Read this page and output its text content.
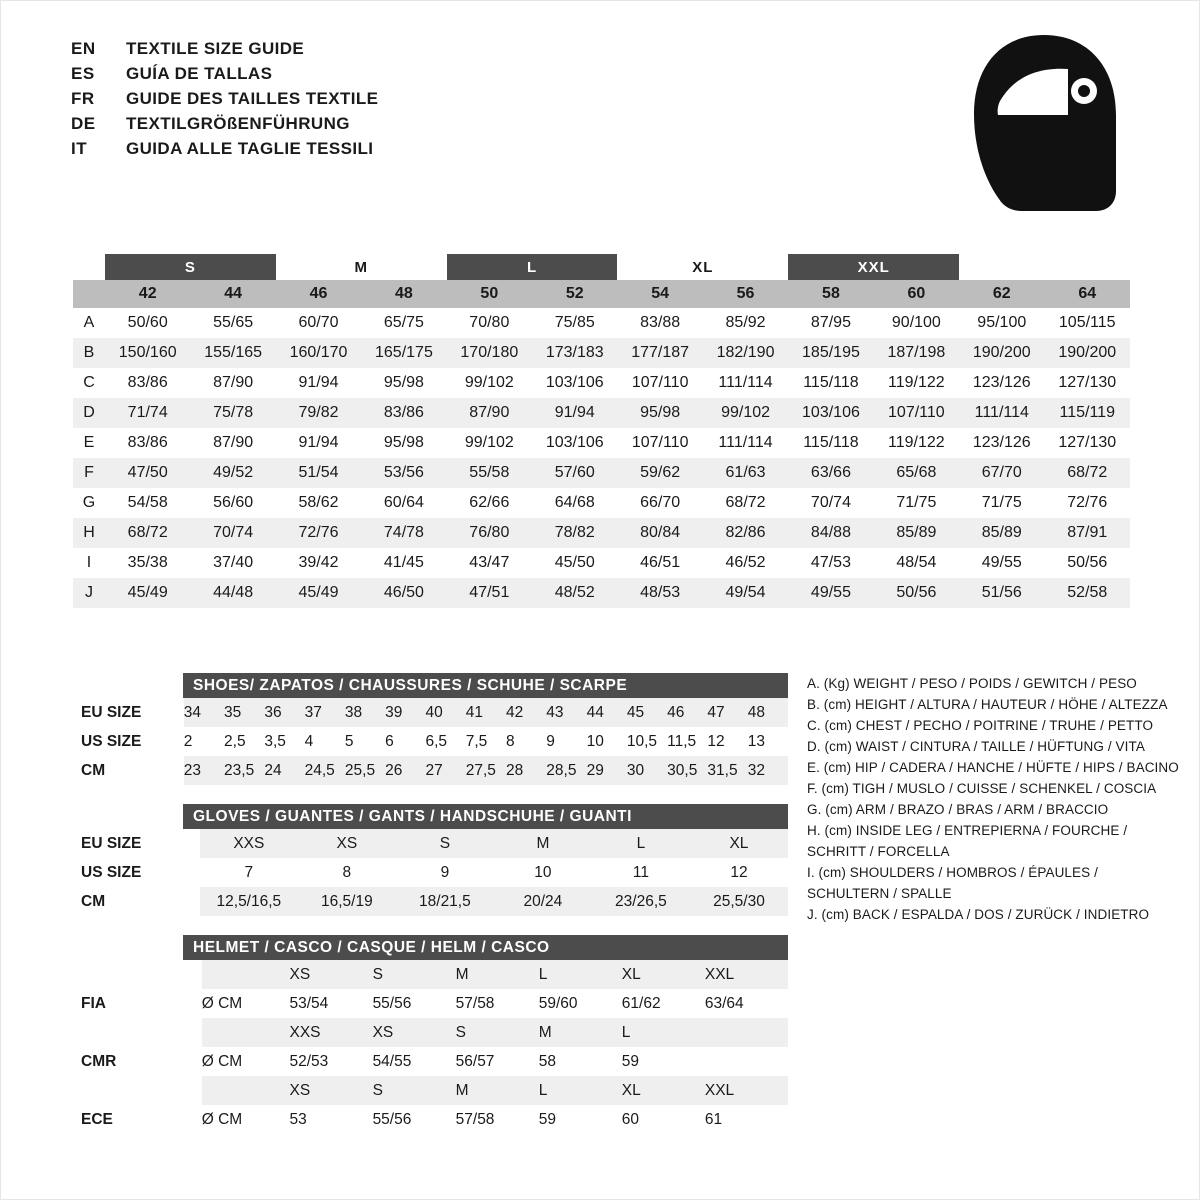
EN	TEXTILE SIZE GUIDE
ES	GUÍA DE TALLAS
FR	GUIDE DES TAILLES TEXTILE
DE	TEXTILGRÖßENFÜHRUNG
IT	GUIDA ALLE TAGLIE TESSILI
	S		M		L		XL		XXL			
	42	44	46	48	50	52	54	56	58	60	62	64
A	50/60	55/65	60/70	65/75	70/80	75/85	83/88	85/92	87/95	90/100	95/100	105/115
B	150/160	155/165	160/170	165/175	170/180	173/183	177/187	182/190	185/195	187/198	190/200	190/200
C	83/86	87/90	91/94	95/98	99/102	103/106	107/110	111/114	115/118	119/122	123/126	127/130
D	71/74	75/78	79/82	83/86	87/90	91/94	95/98	99/102	103/106	107/110	111/114	115/119
E	83/86	87/90	91/94	95/98	99/102	103/106	107/110	111/114	115/118	119/122	123/126	127/130
F	47/50	49/52	51/54	53/56	55/58	57/60	59/62	61/63	63/66	65/68	67/70	68/72
G	54/58	56/60	58/62	60/64	62/66	64/68	66/70	68/72	70/74	71/75	71/75	72/76
H	68/72	70/74	72/76	74/78	76/80	78/82	80/84	82/86	84/88	85/89	85/89	87/91
I	35/38	37/40	39/42	41/45	43/47	45/50	46/51	46/52	47/53	48/54	49/55	50/56
J	45/49	44/48	45/49	46/50	47/51	48/52	48/53	49/54	49/55	50/56	51/56	52/58
SHOES/ ZAPATOS / CHAUSSURES / SCHUHE / SCARPE
EU SIZE	34	35	36	37	38	39	40	41	42	43	44	45	46	47	48
US SIZE	2	2,5	3,5	4	5	6	6,5	7,5	8	9	10	10,5	11,5	12	13
CM	23	23,5	24	24,5	25,5	26	27	27,5	28	28,5	29	30	30,5	31,5	32
GLOVES / GUANTES / GANTS / HANDSCHUHE / GUANTI
EU SIZE	XXS	XS	S	M	L	XL
US SIZE	7	8	9	10	11	12
CM	12,5/16,5	16,5/19	18/21,5	20/24	23/26,5	25,5/30
HELMET / CASCO / CASQUE / HELM / CASCO
		XS	S	M	L	XL	XXL
FIA	Ø CM	53/54	55/56	57/58	59/60	61/62	63/64
		XXS	XS	S	M	L	
CMR	Ø CM	52/53	54/55	56/57	58	59	
		XS	S	M	L	XL	XXL
ECE	Ø CM	53	55/56	57/58	59	60	61
A. (Kg) WEIGHT / PESO / POIDS / GEWITCH / PESO
B. (cm) HEIGHT / ALTURA / HAUTEUR / HÖHE / ALTEZZA
C. (cm) CHEST / PECHO / POITRINE / TRUHE / PETTO
D. (cm) WAIST / CINTURA / TAILLE / HÜFTUNG / VITA
E. (cm) HIP / CADERA / HANCHE / HÜFTE / HIPS / BACINO
F. (cm) TIGH / MUSLO / CUISSE / SCHENKEL / COSCIA
G. (cm) ARM / BRAZO / BRAS / ARM / BRACCIO
H. (cm) INSIDE LEG / ENTREPIERNA / FOURCHE /
SCHRITT / FORCELLA
I. (cm) SHOULDERS / HOMBROS / ÉPAULES /
SCHULTERN / SPALLE
J. (cm) BACK / ESPALDA / DOS / ZURÜCK / INDIETRO
